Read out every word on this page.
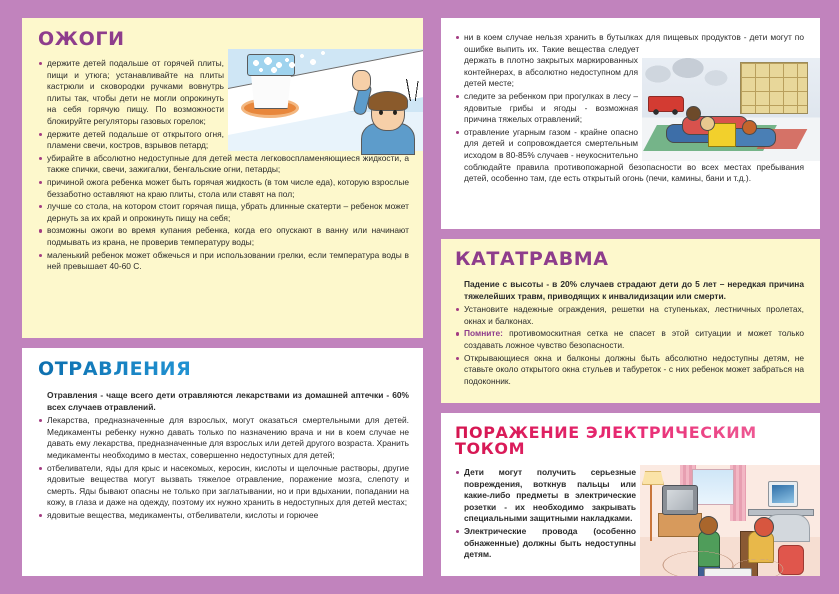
ОЖОГИ
держите детей подальше от горячей плиты, пищи и утюга; устанавливайте на плиты кастрюли и сковородки ручками вовнутрь плиты так, чтобы дети не могли опрокинуть на себя горячую пищу. По возможности блокируйте регуляторы газовых горелок;
держите детей подальше от открытого огня, пламени свечи, костров, взрывов петард;
убирайте в абсолютно недоступные для детей места легковоспламеняющиеся жидкости, а также спички, свечи, зажигалки, бенгальские огни, петарды;
причиной ожога ребенка может быть горячая жидкость (в том числе еда), которую взрослые беззаботно оставляют на краю плиты, стола или ставят на пол;
лучше со стола, на котором стоит горячая пища, убрать длинные скатерти – ребенок может дернуть за их край и опрокинуть пищу на себя;
возможны ожоги во время купания ребенка, когда его опускают в ванну или начинают подмывать из крана, не проверив температуру воды;
маленький ребенок может обжечься и при использовании грелки, если температура воды в ней превышает 40-60 С.
ОТРАВЛЕНИЯ

Отравления - чаще всего дети отравляются лекарствами из домашней аптечки - 60% всех случаев отравлений.

Лекарства, предназначенные для взрослых, могут оказаться смертельными для детей. Медикаменты ребенку нужно давать только по назначению врача и ни в коем случае не давать ему лекарства, предназначенные для взрослых или детей другого возраста. Хранить медикаменты необходимо в местах, совершенно недоступных для детей;
отбеливатели, яды для крыс и насекомых, керосин, кислоты и щелочные растворы, другие ядовитые вещества могут вызвать тяжелое отравление, поражение мозга, слепоту и смерть. Яды бывают опасны не только при заглатывании, но и при вдыхании, попадании на кожу, в глаза и даже на одежду, поэтому их нужно хранить в недоступных для детей местах;
ядовитые вещества, медикаменты, отбеливатели, кислоты и горючее
ни в коем случае нельзя хранить в бутылках для пищевых продуктов - дети могут по ошибке выпить их. Такие вещества следует держать в плотно закрытых маркированных контейнерах, в абсолютно недоступном для детей месте;
следите за ребенком при прогулках в лесу – ядовитые грибы и ягоды - возможная причина тяжелых отравлений;
отравление угарным газом - крайне опасно для детей и сопровождается смертельным исходом в 80-85% случаев - неукоснительно соблюдайте правила противопожарной безопасности во всех местах пребывания детей, особенно там, где есть открытый огонь (печи, камины, бани и т.д.).
КАТАТРАВМА

Падение с высоты - в 20% случаев страдают дети до 5 лет – нередкая причина тяжелейших травм, приводящих к инвалидизации или смерти.

Установите надежные ограждения, решетки на ступеньках, лестничных пролетах, окнах и балконах.
Помните: противомоскитная сетка не спасет в этой ситуации и может только создавать ложное чувство безопасности.
Открывающиеся окна и балконы должны быть абсолютно недоступны детям, не ставьте около открытого окна стульев и табуреток - с них ребенок может забраться на подоконник.
ПОРАЖЕНИЕ ЭЛЕКТРИЧЕСКИМ ТОКОМ
Дети могут получить серьезные повреждения, воткнув пальцы или какие-либо предметы в электрические розетки - их необходимо закрывать специальными защитными накладками.
Электрические провода (особенно обнаженные) должны быть недоступны детям.
